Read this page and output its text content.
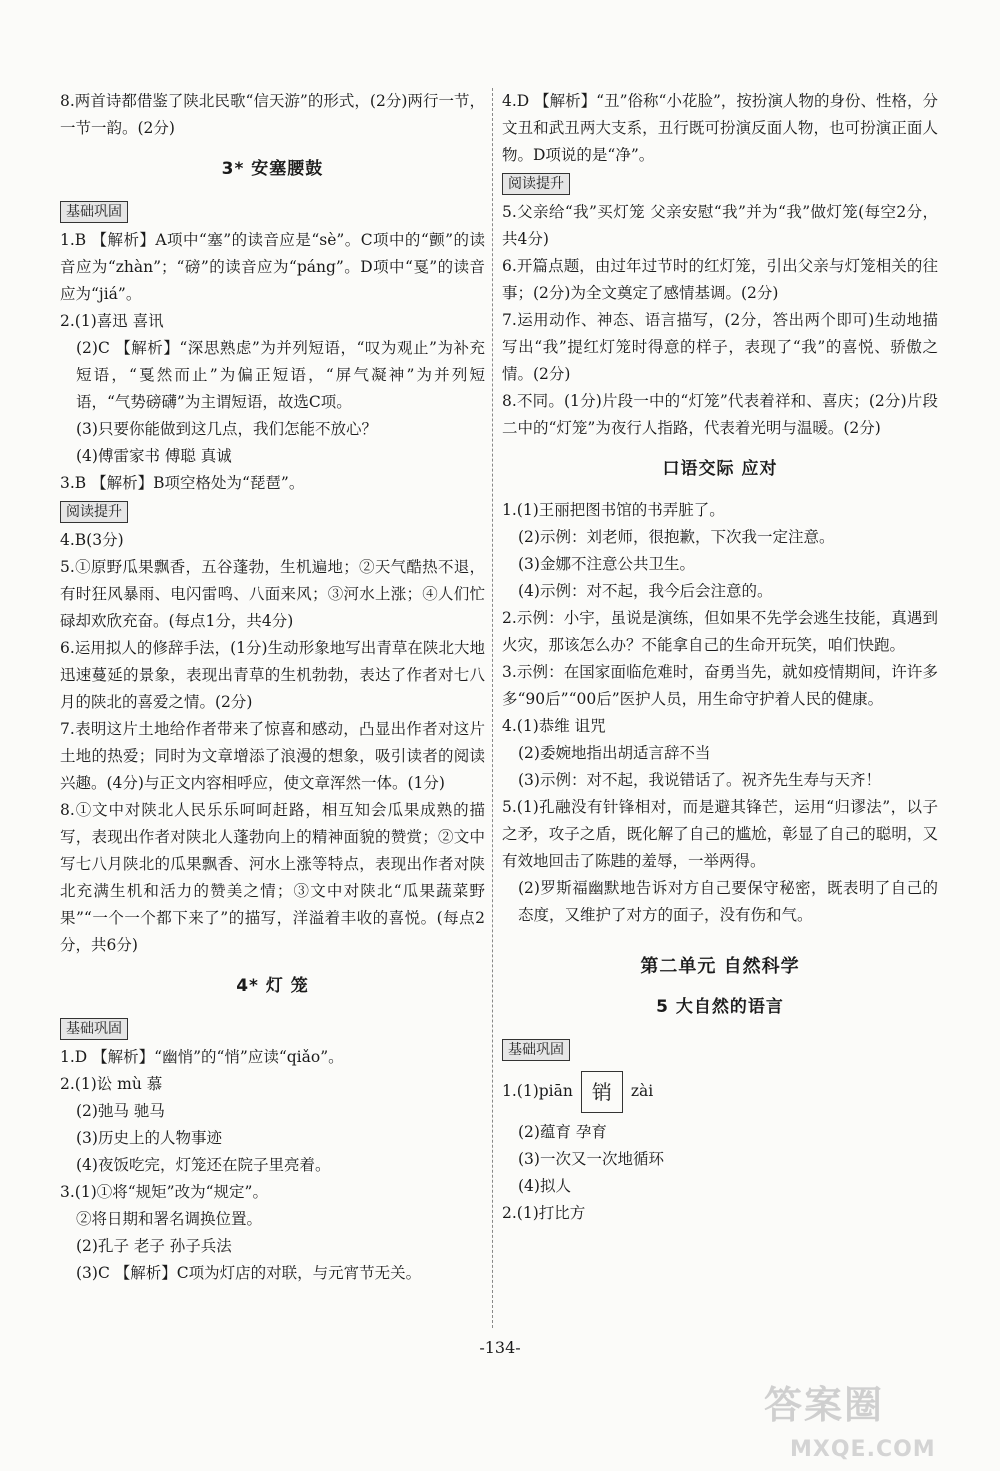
8.两首诗都借鉴了陕北民歌“信天游”的形式，(2分)两行一节，一节一韵。(2分)
3* 安塞腰鼓
基础巩固
1.B 【解析】A项中“塞”的读音应是“sè”。C项中的“颤”的读音应为“zhàn”；“磅”的读音应为“páng”。D项中“戛”的读音应为“jiá”。
2.(1)喜迅 喜讯
(2)C 【解析】“深思熟虑”为并列短语，“叹为观止”为补充短语，“戛然而止”为偏正短语，“屏气凝神”为并列短语，“气势磅礴”为主谓短语，故选C项。
(3)只要你能做到这几点，我们怎能不放心？
(4)傅雷家书 傅聪 真诚
3.B 【解析】B项空格处为“琵琶”。
阅读提升
4.B(3分)
5.①原野瓜果飘香，五谷蓬勃，生机遍地；②天气酷热不退，有时狂风暴雨、电闪雷鸣、八面来风；③河水上涨；④人们忙碌却欢欣充奋。(每点1分，共4分)
6.运用拟人的修辞手法，(1分)生动形象地写出青草在陕北大地迅速蔓延的景象，表现出青草的生机勃勃，表达了作者对七八月的陕北的喜爱之情。(2分)
7.表明这片土地给作者带来了惊喜和感动，凸显出作者对这片土地的热爱；同时为文章增添了浪漫的想象，吸引读者的阅读兴趣。(4分)与正文内容相呼应，使文章浑然一体。(1分)
8.①文中对陕北人民乐乐呵呵赶路，相互知会瓜果成熟的描写，表现出作者对陕北人蓬勃向上的精神面貌的赞赏；②文中写七八月陕北的瓜果飘香、河水上涨等特点，表现出作者对陕北充满生机和活力的赞美之情；③文中对陕北“瓜果蔬菜野果”“一个一个都下来了”的描写，洋溢着丰收的喜悦。(每点2分，共6分)
4* 灯 笼
基础巩固
1.D 【解析】“幽悄”的“悄”应读“qiǎo”。
2.(1)讼 mù 慕
(2)弛马 驰马
(3)历史上的人物事迹
(4)夜饭吃完，灯笼还在院子里亮着。
3.(1)①将“规矩”改为“规定”。
②将日期和署名调换位置。
(2)孔子 老子 孙子兵法
(3)C 【解析】C项为灯店的对联，与元宵节无关。
4.D 【解析】“丑”俗称“小花脸”，按扮演人物的身份、性格，分文丑和武丑两大支系，丑行既可扮演反面人物，也可扮演正面人物。D项说的是“净”。
阅读提升
5.父亲给“我”买灯笼 父亲安慰“我”并为“我”做灯笼(每空2分，共4分)
6.开篇点题，由过年过节时的红灯笼，引出父亲与灯笼相关的往事；(2分)为全文奠定了感情基调。(2分)
7.运用动作、神态、语言描写，(2分，答出两个即可)生动地描写出“我”提红灯笼时得意的样子，表现了“我”的喜悦、骄傲之情。(2分)
8.不同。(1分)片段一中的“灯笼”代表着祥和、喜庆；(2分)片段二中的“灯笼”为夜行人指路，代表着光明与温暖。(2分)
口语交际 应对
1.(1)王丽把图书馆的书弄脏了。
(2)示例：刘老师，很抱歉，下次我一定注意。
(3)金娜不注意公共卫生。
(4)示例：对不起，我今后会注意的。
2.示例：小宇，虽说是演练，但如果不先学会逃生技能，真遇到火灾，那该怎么办？不能拿自己的生命开玩笑，咱们快跑。
3.示例：在国家面临危难时，奋勇当先，就如疫情期间，许许多多“90后”“00后”医护人员，用生命守护着人民的健康。
4.(1)恭维 诅咒
(2)委婉地指出胡适言辞不当
(3)示例：对不起，我说错话了。祝齐先生寿与天齐！
5.(1)孔融没有针锋相对，而是避其锋芒，运用“归谬法”，以子之矛，攻子之盾，既化解了自己的尴尬，彰显了自己的聪明，又有效地回击了陈韪的羞辱，一举两得。
(2)罗斯福幽默地告诉对方自己要保守秘密，既表明了自己的态度，又维护了对方的面子，没有伤和气。
第二单元 自然科学
5 大自然的语言
基础巩固
1.(1)piān 销 zài
(2)蕴育 孕育
(3)一次又一次地循环
(4)拟人
2.(1)打比方
-134-
答案圈
MXQE.COM
